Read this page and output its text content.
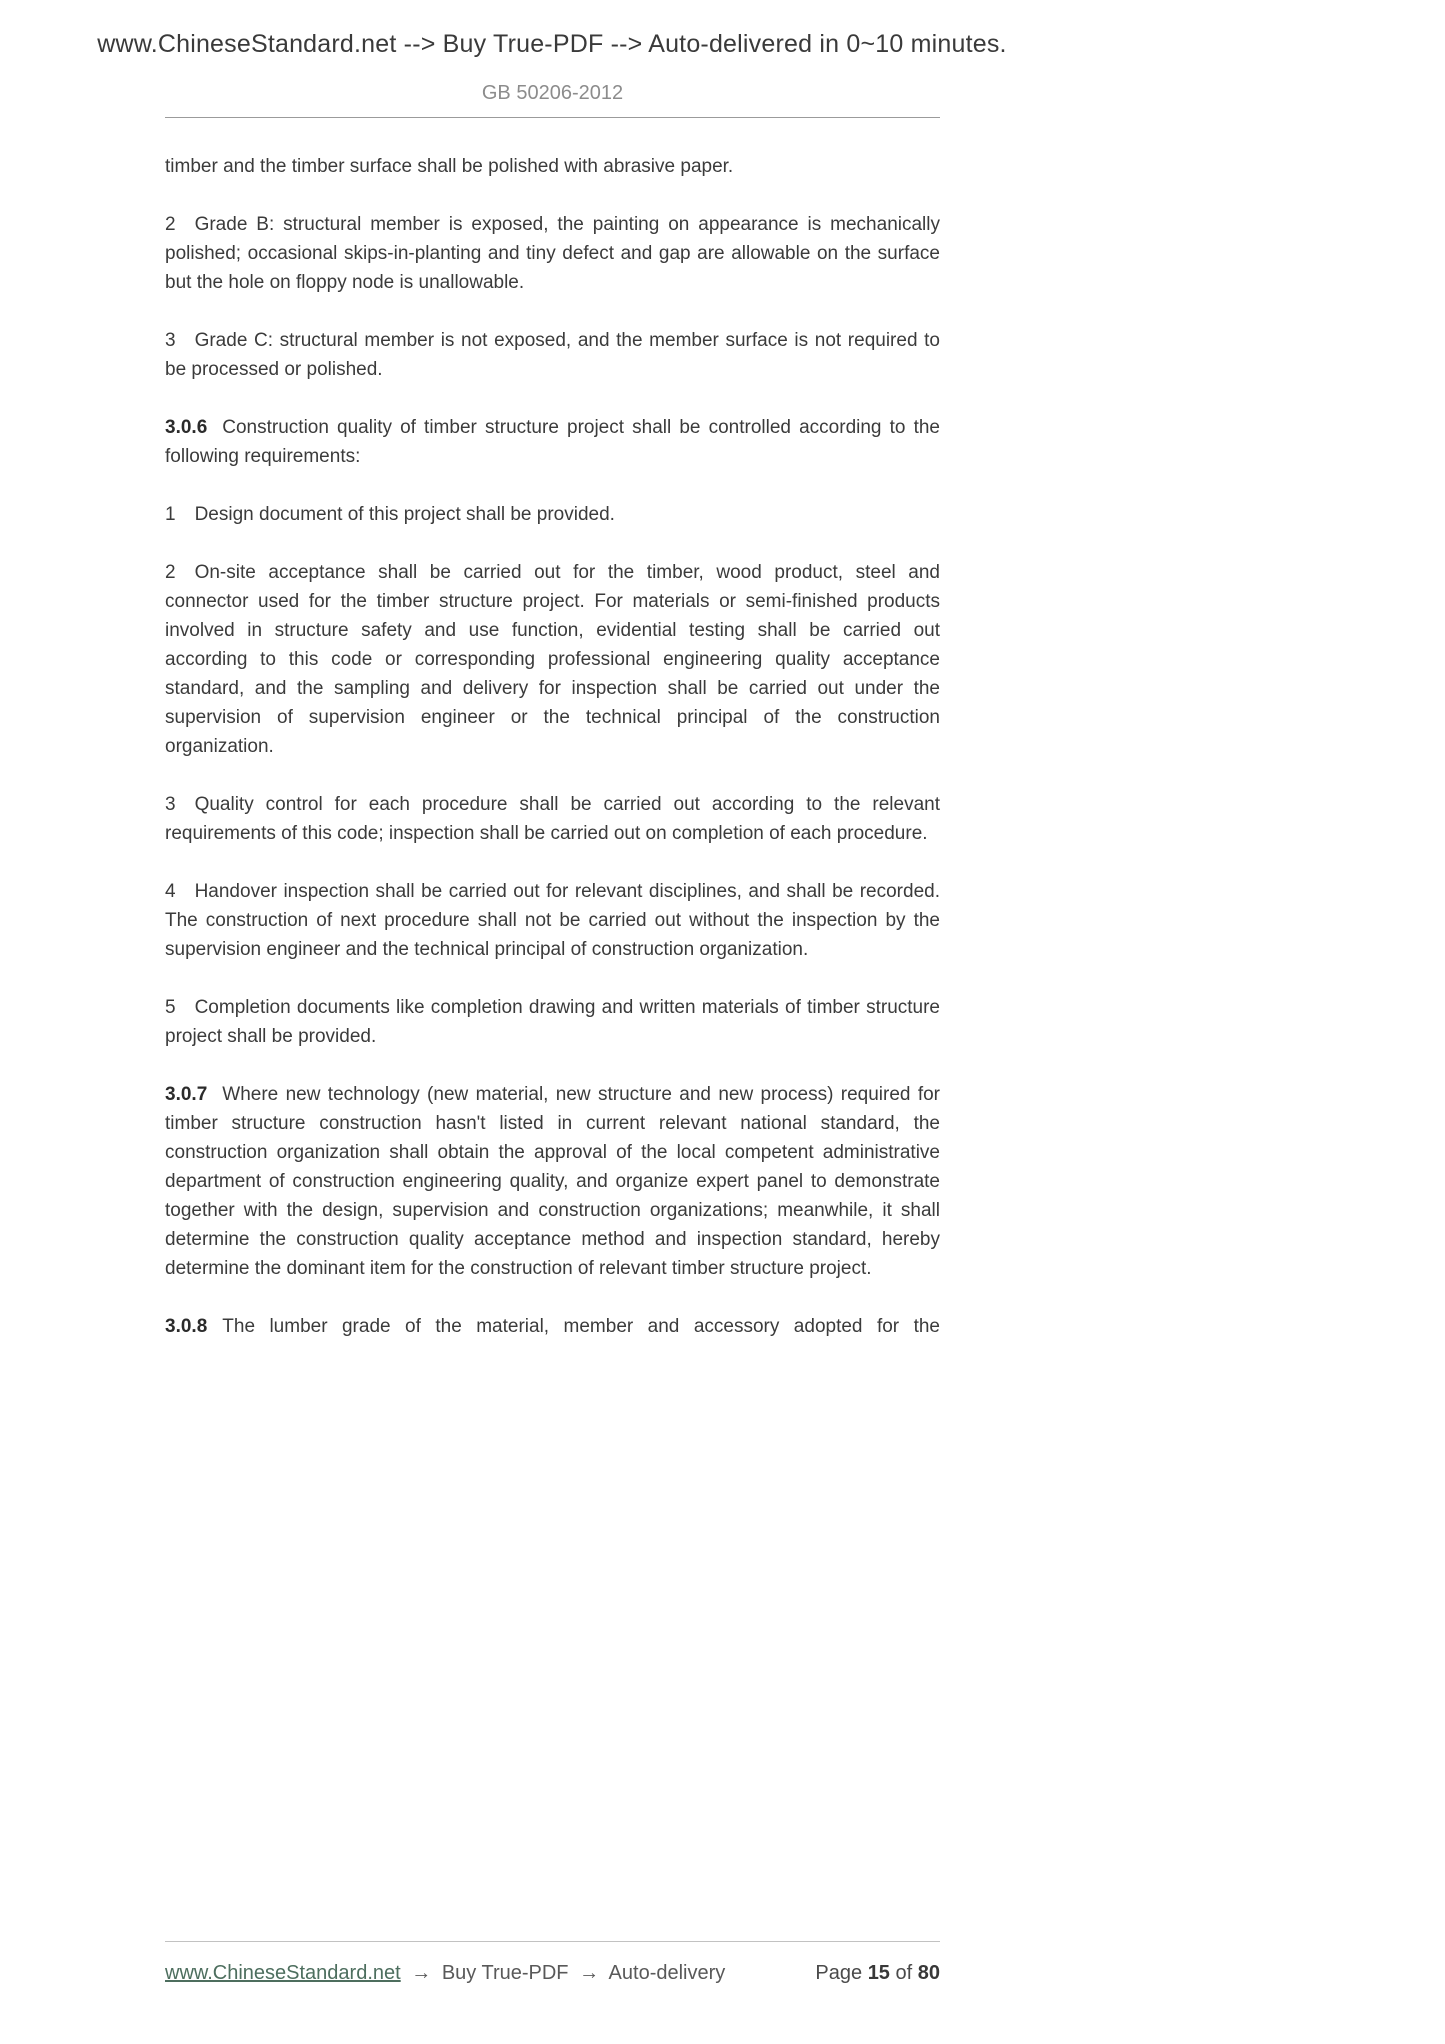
www.ChineseStandard.net --> Buy True-PDF --> Auto-delivered in 0~10 minutes.
GB 50206-2012

timber and the timber surface shall be polished with abrasive paper.

2 Grade B: structural member is exposed, the painting on appearance is mechanically polished; occasional skips-in-planting and tiny defect and gap are allowable on the surface but the hole on floppy node is unallowable.

3 Grade C: structural member is not exposed, and the member surface is not required to be processed or polished.

3.0.6 Construction quality of timber structure project shall be controlled according to the following requirements:

1 Design document of this project shall be provided.

2 On-site acceptance shall be carried out for the timber, wood product, steel and connector used for the timber structure project. For materials or semi-finished products involved in structure safety and use function, evidential testing shall be carried out according to this code or corresponding professional engineering quality acceptance standard, and the sampling and delivery for inspection shall be carried out under the supervision of supervision engineer or the technical principal of the construction organization.

3 Quality control for each procedure shall be carried out according to the relevant requirements of this code; inspection shall be carried out on completion of each procedure.

4 Handover inspection shall be carried out for relevant disciplines, and shall be recorded. The construction of next procedure shall not be carried out without the inspection by the supervision engineer and the technical principal of construction organization.

5 Completion documents like completion drawing and written materials of timber structure project shall be provided.

3.0.7 Where new technology (new material, new structure and new process) required for timber structure construction hasn't listed in current relevant national standard, the construction organization shall obtain the approval of the local competent administrative department of construction engineering quality, and organize expert panel to demonstrate together with the design, supervision and construction organizations; meanwhile, it shall determine the construction quality acceptance method and inspection standard, hereby determine the dominant item for the construction of relevant timber structure project.

3.0.8 The lumber grade of the material, member and accessory adopted for the

www.ChineseStandard.net → Buy True-PDF → Auto-delivery	Page 15 of 80
